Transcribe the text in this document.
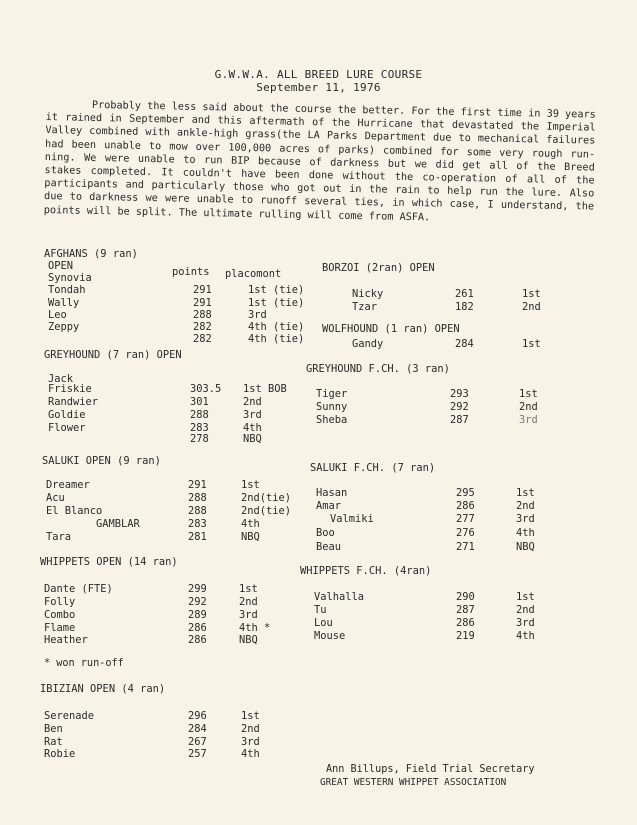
G.W.W.A. ALL BREED LURE COURSE
September 11, 1976

Probably the less said about the course the better. For the first time in 39 years it rained in September and this aftermath of the Hurricane that devastated the Imperial Valley combined with ankle-high grass(the LA Parks Department due to mechanical failures had been unable to mow over 100,000 acres of parks) combined for some very rough run-ning. We were unable to run BIP because of darkness but we did get all of the Breed stakes completed. It couldn't have been done without the co-operation of all of the participants and particularly those who got out in the rain to help run the lure. Also due to darkness we were unable to runoff several ties, in which case, I understand, the points will be split. The ultimate rulling will come from ASFA.

AFGHANS (9 ran)
OPEN	points placomont
Synovia
Tondah	291	1st (tie)
Wally	291	1st (tie)
Leo	288	3rd
Zeppy	282	4th (tie)
282	4th (tie)
BORZOI (2ran) OPEN
Nicky	261	1st
Tzar	182	2nd
WOLFHOUND (1 ran) OPEN
Gandy	284	1st
GREYHOUND (7 ran) OPEN
Jack
Friskie	303.5 1st BOB
Randwier	301	2nd
Goldie	288	3rd
Flower	283	4th
278	NBQ
GREYHOUND F.CH. (3 ran)
Tiger	293	1st
Sunny	292	2nd
Sheba	287	3rd
SALUKI OPEN (9 ran)
Dreamer	291	1st
Acu	288	2nd(tie)
El Blanco	288	2nd(tie)
GAMBLAR	283	4th
Tara	281	NBQ
SALUKI F.CH. (7 ran)
Hasan	295	1st
Amar	286	2nd
Valmiki	277	3rd
Boo	276	4th
Beau	271	NBQ
WHIPPETS OPEN (14 ran)
Dante (FTE)	299	1st
Folly	292	2nd
Combo	289	3rd
Flame	286	4th *
Heather	286	NBQ
WHIPPETS F.CH. (4ran)
Valhalla	290	1st
Tu	287	2nd
Lou	286	3rd
Mouse	219	4th
* won run-off
IBIZIAN OPEN (4 ran)
Serenade	296	1st
Ben	284	2nd
Rat	267	3rd
Robie	257	4th
Ann Billups, Field Trial Secretary
GREAT WESTERN WHIPPET ASSOCIATION
